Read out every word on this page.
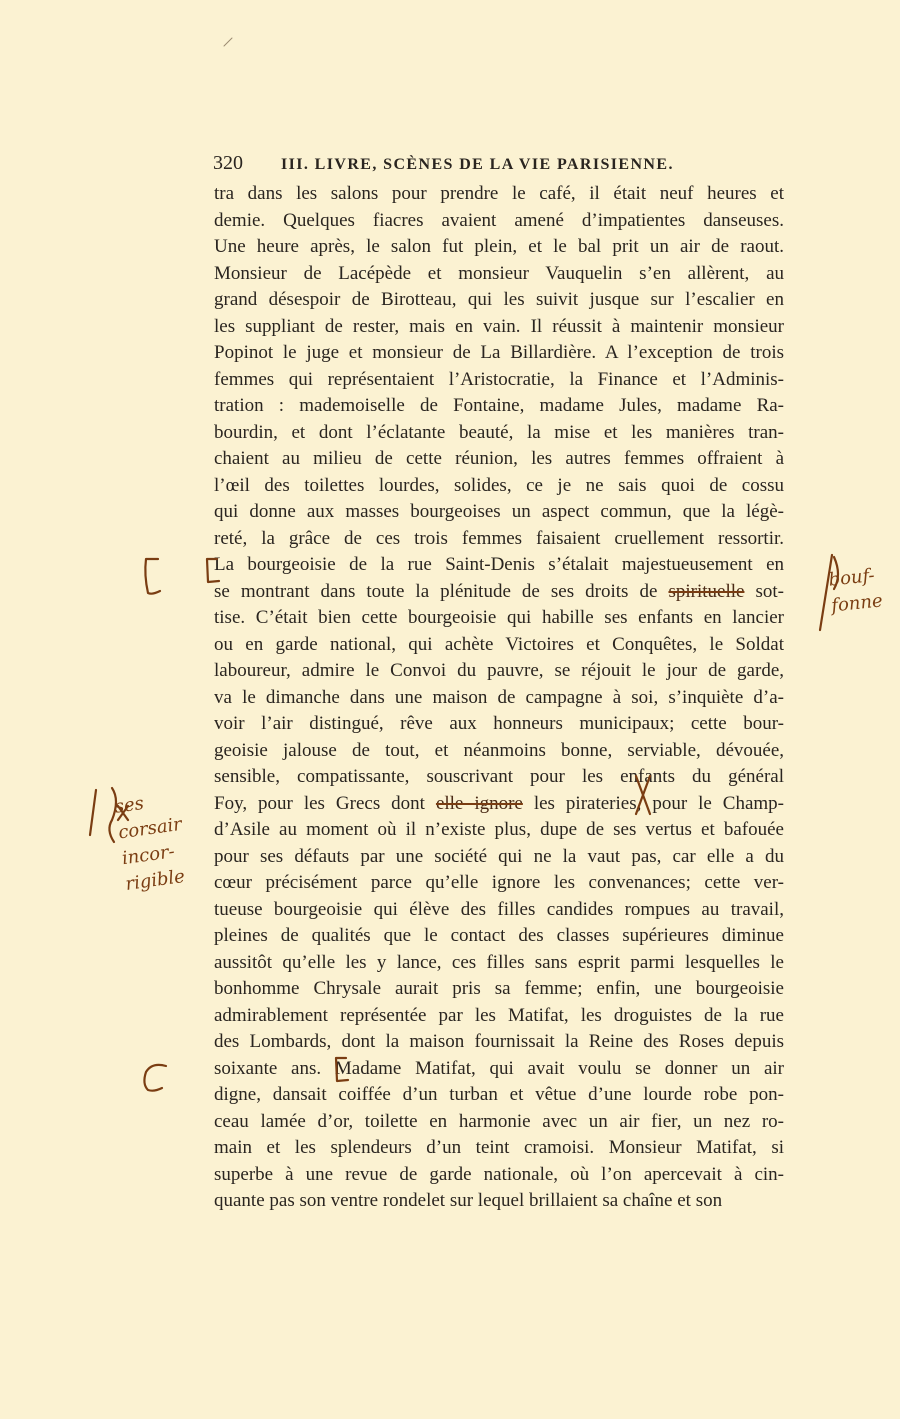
320 III. LIVRE, SCÈNES DE LA VIE PARISIENNE.
tra dans les salons pour prendre le café, il était neuf heures et
demie. Quelques fiacres avaient amené d’impatientes danseuses.
Une heure après, le salon fut plein, et le bal prit un air de raout.
Monsieur de Lacépède et monsieur Vauquelin s’en allèrent, au
grand désespoir de Birotteau, qui les suivit jusque sur l’escalier en
les suppliant de rester, mais en vain. Il réussit à maintenir monsieur
Popinot le juge et monsieur de La Billardière. A l’exception de trois
femmes qui représentaient l’Aristocratie, la Finance et l’Adminis-
tration : mademoiselle de Fontaine, madame Jules, madame Ra-
bourdin, et dont l’éclatante beauté, la mise et les manières tran-
chaient au milieu de cette réunion, les autres femmes offraient à
l’œil des toilettes lourdes, solides, ce je ne sais quoi de cossu
qui donne aux masses bourgeoises un aspect commun, que la légè-
reté, la grâce de ces trois femmes faisaient cruellement ressortir.
La bourgeoisie de la rue Saint-Denis s’étalait majestueusement en
se montrant dans toute la plénitude de ses droits de spirituelle sot-
tise. C’était bien cette bourgeoisie qui habille ses enfants en lancier
ou en garde national, qui achète Victoires et Conquêtes, le Soldat
laboureur, admire le Convoi du pauvre, se réjouit le jour de garde,
va le dimanche dans une maison de campagne à soi, s’inquiète d’a-
voir l’air distingué, rêve aux honneurs municipaux; cette bour-
geoisie jalouse de tout, et néanmoins bonne, serviable, dévouée,
sensible, compatissante, souscrivant pour les enfants du général
Foy, pour les Grecs dont elle ignore les pirateries, pour le Champ-
d’Asile au moment où il n’existe plus, dupe de ses vertus et bafouée
pour ses défauts par une société qui ne la vaut pas, car elle a du
cœur précisément parce qu’elle ignore les convenances; cette ver-
tueuse bourgeoisie qui élève des filles candides rompues au travail,
pleines de qualités que le contact des classes supérieures diminue
aussitôt qu’elle les y lance, ces filles sans esprit parmi lesquelles le
bonhomme Chrysale aurait pris sa femme; enfin, une bourgeoisie
admirablement représentée par les Matifat, les droguistes de la rue
des Lombards, dont la maison fournissait la Reine des Roses depuis
soixante ans. Madame Matifat, qui avait voulu se donner un air
digne, dansait coiffée d’un turban et vêtue d’une lourde robe pon-
ceau lamée d’or, toilette en harmonie avec un air fier, un nez ro-
main et les splendeurs d’un teint cramoisi. Monsieur Matifat, si
superbe à une revue de garde nationale, où l’on apercevait à cin-
quante pas son ventre rondelet sur lequel brillaient sa chaîne et son
bouf-
fonne
ses
corsair
incor-
rigible
